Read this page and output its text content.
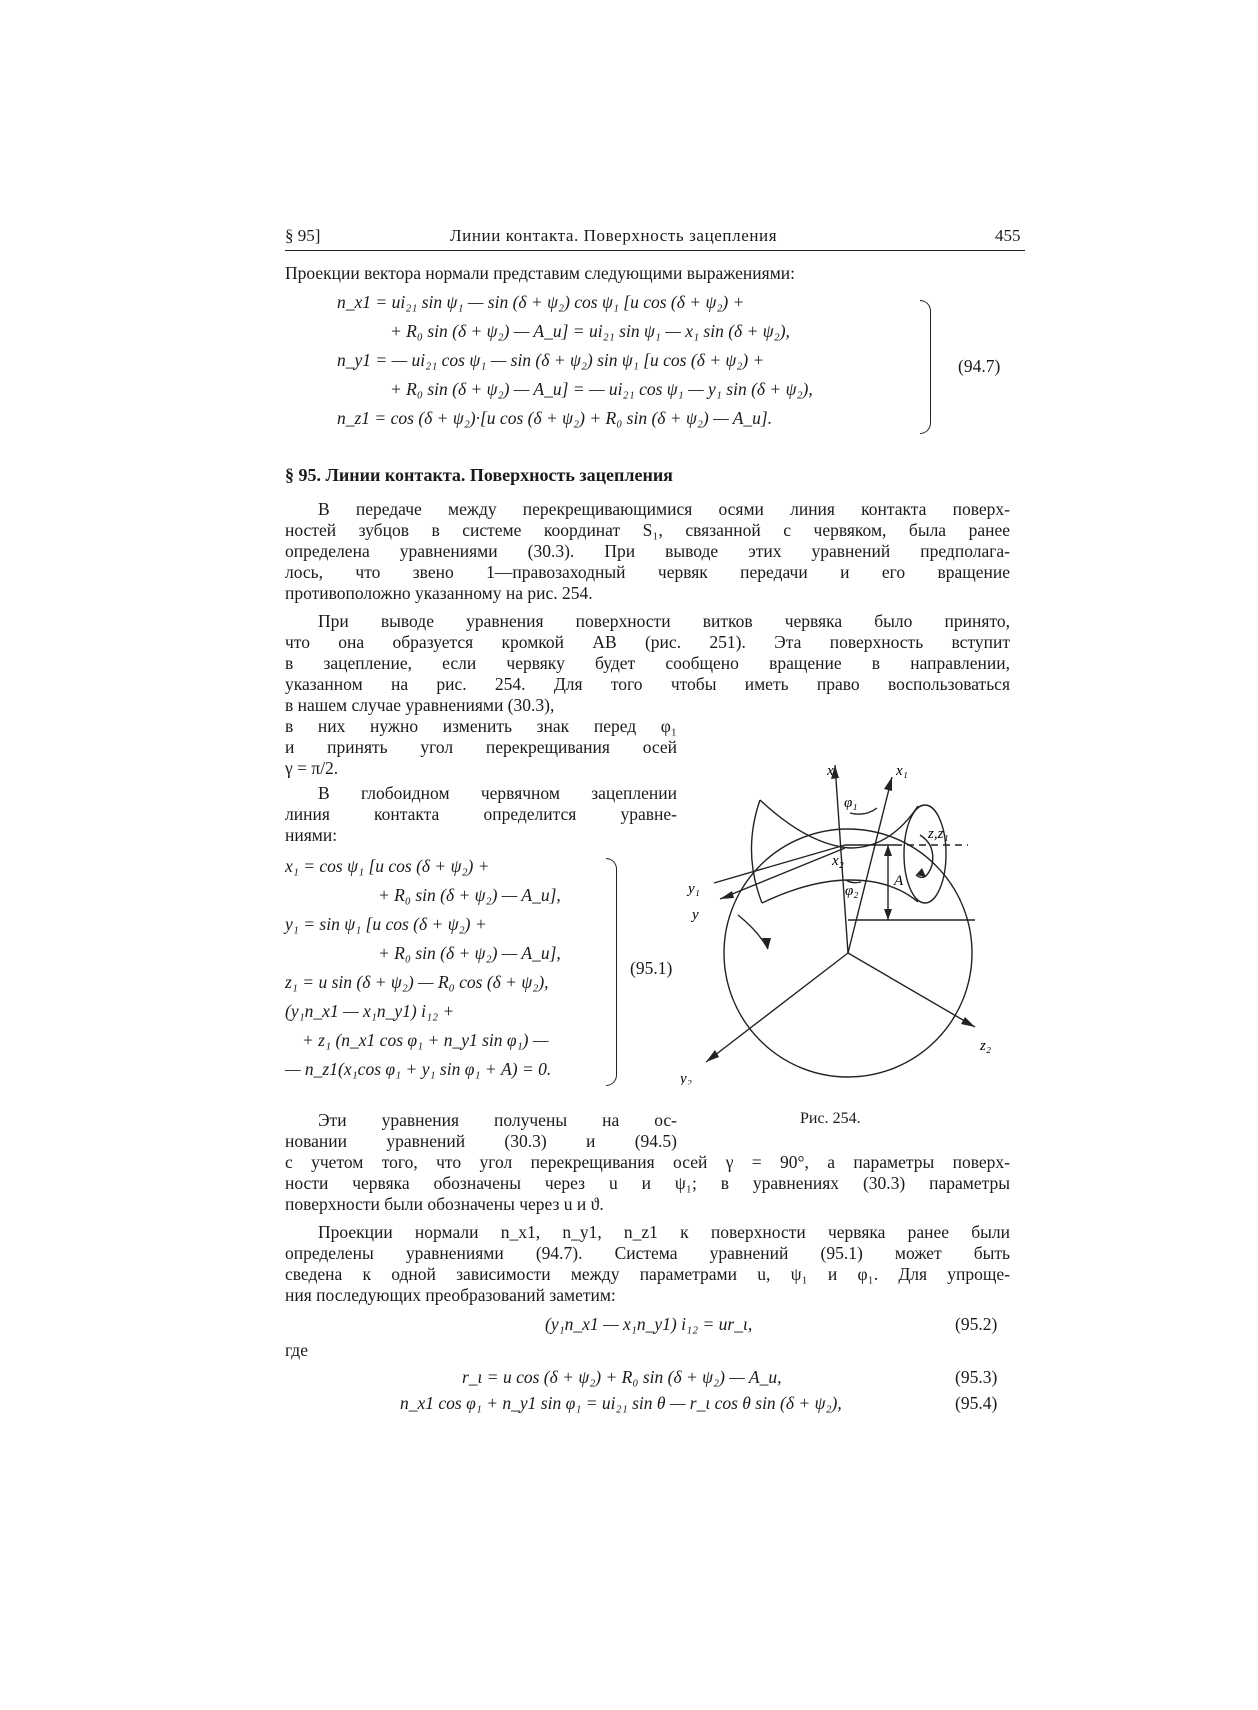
§ 95]	Линии контакта. Поверхность зацепления	455
Проекции вектора нормали представим следующими выражениями:
n_x1 = ui₂₁ sin ψ₁ — sin (δ + ψ₂) cos ψ₁ [u cos (δ + ψ₂) +
+ R₀ sin (δ + ψ₂) — A_и] = ui₂₁ sin ψ₁ — x₁ sin (δ + ψ₂),
n_y1 = — ui₂₁ cos ψ₁ — sin (δ + ψ₂) sin ψ₁ [u cos (δ + ψ₂) +
+ R₀ sin (δ + ψ₂) — A_и] = — ui₂₁ cos ψ₁ — y₁ sin (δ + ψ₂),
n_z1 = cos (δ + ψ₂)·[u cos (δ + ψ₂) + R₀ sin (δ + ψ₂) — A_и].
(94.7)
§ 95. Линии контакта. Поверхность зацепления
В передаче между перекрещивающимися осями линия контакта поверх-
ностей зубцов в системе координат S₁, связанной с червяком, была ранее
определена уравнениями (30.3). При выводе этих уравнений предполага-
лось, что звено 1—правозаходный червяк передачи и его вращение
противоположно указанному на рис. 254.
При выводе уравнения поверхности витков червяка было принято,
что она образуется кромкой AB (рис. 251). Эта поверхность вступит
в зацепление, если червяку будет сообщено вращение в направлении,
указанном на рис. 254. Для того чтобы иметь право воспользоваться
в нашем случае уравнениями (30.3),
в них нужно изменить знак перед φ₁
и принять угол перекрещивания осей
γ = π/2.
В глобоидном червячном зацеплении
линия контакта определится уравне-
ниями:
x₁ = cos ψ₁ [u cos (δ + ψ₂) +
+ R₀ sin (δ + ψ₂) — A_и],
y₁ = sin ψ₁ [u cos (δ + ψ₂) +
+ R₀ sin (δ + ψ₂) — A_и],
z₁ = u sin (δ + ψ₂) — R₀ cos (δ + ψ₂),
(y₁n_x1 — x₁n_y1) i₁₂ +
+ z₁ (n_x1 cos φ₁ + n_y1 sin φ₁) —
— n_z1(x₁cos φ₁ + y₁ sin φ₁ + A) = 0.
(95.1)
x	x₁
φ₁
z,z₁
x₂
φ₂
y₁
y
A
z₂
y₂
Рис. 254.
Эти уравнения получены на ос-
новании уравнений (30.3) и (94.5)
с учетом того, что угол перекрещивания осей γ = 90°, а параметры поверх-
ности червяка обозначены через u и ψ₁; в уравнениях (30.3) параметры
поверхности были обозначены через u и ϑ.
Проекции нормали n_x1, n_y1, n_z1 к поверхности червяка ранее были
определены уравнениями (94.7). Система уравнений (95.1) может быть
сведена к одной зависимости между параметрами u, ψ₁ и φ₁. Для упроще-
ния последующих преобразований заметим:
(y₁n_x1 — x₁n_y1) i₁₂ = ur_ι,	(95.2)
где
r_ι = u cos (δ + ψ₂) + R₀ sin (δ + ψ₂) — A_и,	(95.3)
n_x1 cos φ₁ + n_y1 sin φ₁ = ui₂₁ sin θ — r_ι cos θ sin (δ + ψ₂),	(95.4)
